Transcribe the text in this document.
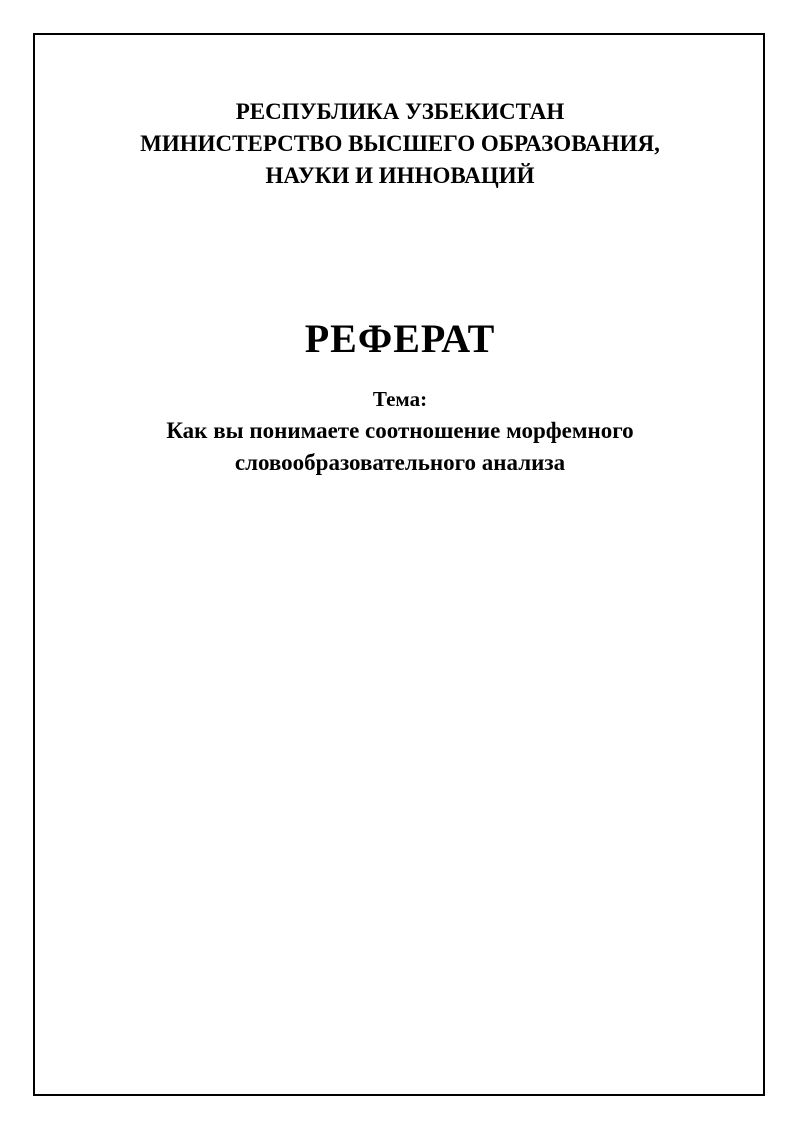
РЕСПУБЛИКА УЗБЕКИСТАН
МИНИСТЕРСТВО ВЫСШЕГО ОБРАЗОВАНИЯ,
НАУКИ И ИННОВАЦИЙ
РЕФЕРАТ
Тема:
Как вы понимаете соотношение морфемного
словообразовательного анализа
